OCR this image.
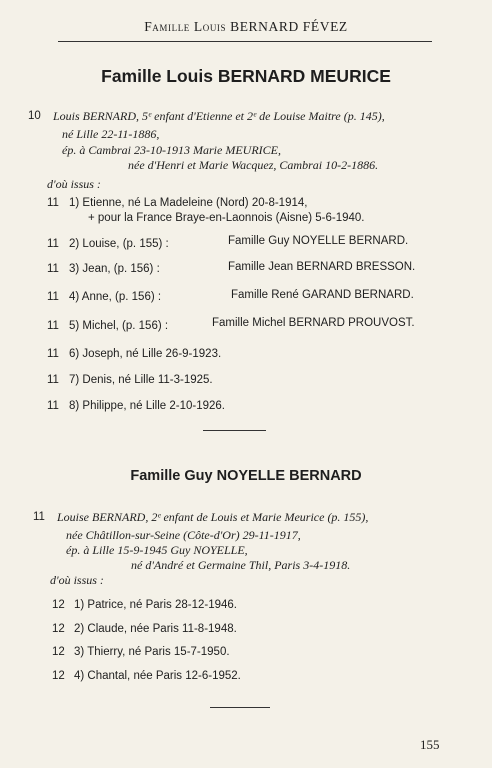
Famille Louis BERNARD FÉVEZ
Famille Louis BERNARD MEURICE
10 Louis BERNARD, 5ᵉ enfant d'Etienne et 2ᵉ de Louise Maitre (p. 145),
né Lille 22-11-1886,
ép. à Cambrai 23-10-1913 Marie MEURICE,
née d'Henri et Marie Wacquez, Cambrai 10-2-1886.
d'où issus :
11 1) Etienne, né La Madeleine (Nord) 20-8-1914,
+ pour la France Braye-en-Laonnois (Aisne) 5-6-1940.
11 2) Louise, (p. 155) :	Famille Guy NOYELLE BERNARD.
11 3) Jean, (p. 156) :	Famille Jean BERNARD BRESSON.
11 4) Anne, (p. 156) :	Famille René GARAND BERNARD.
11 5) Michel, (p. 156) :	Famille Michel BERNARD PROUVOST.
11 6) Joseph, né Lille 26-9-1923.
11 7) Denis, né Lille 11-3-1925.
11 8) Philippe, né Lille 2-10-1926.
Famille Guy NOYELLE BERNARD
11 Louise BERNARD, 2ᵉ enfant de Louis et Marie Meurice (p. 155),
née Châtillon-sur-Seine (Côte-d'Or) 29-11-1917,
ép. à Lille 15-9-1945 Guy NOYELLE,
né d'André et Germaine Thil, Paris 3-4-1918.
d'où issus :
12 1) Patrice, né Paris 28-12-1946.
12 2) Claude, née Paris 11-8-1948.
12 3) Thierry, né Paris 15-7-1950.
12 4) Chantal, née Paris 12-6-1952.
155
